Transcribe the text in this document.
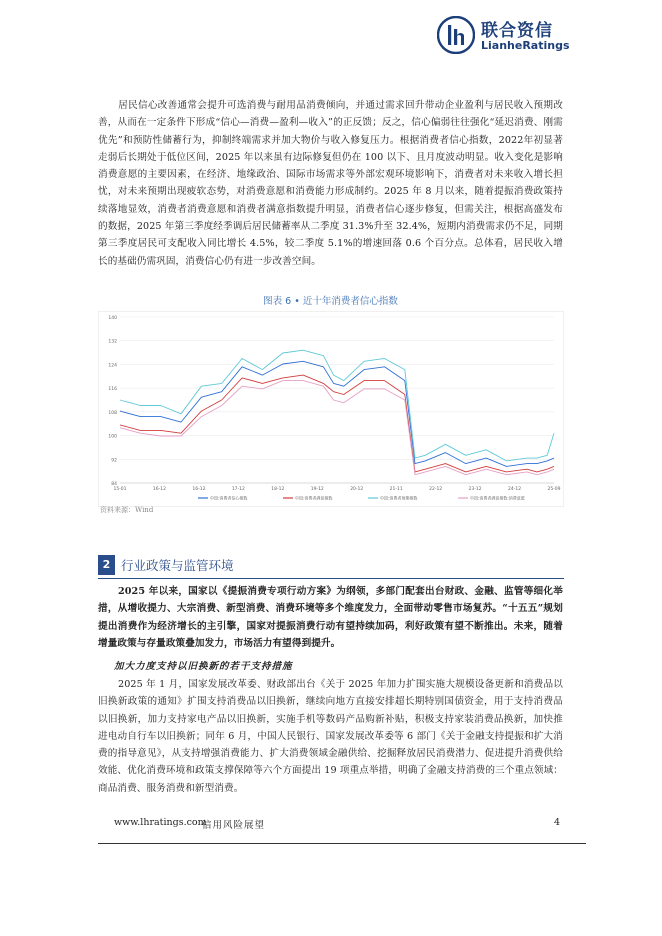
联合资信
LianheRatings

居民信心改善通常会提升可选消费与耐用品消费倾向，并通过需求回升带动企业盈利与居民收入预期改善，从而在一定条件下形成“信心—消费—盈利—收入”的正反馈；反之，信心偏弱往往强化“延迟消费、刚需优先”和预防性储蓄行为，抑制终端需求并加大物价与收入修复压力。根据消费者信心指数，2022年初显著走弱后长期处于低位区间，2025 年以来虽有边际修复但仍在 100 以下、且月度波动明显。收入变化是影响消费意愿的主要因素，在经济、地缘政治、国际市场需求等外部宏观环境影响下，消费者对未来收入增长担忧，对未来预期出现疲软态势，对消费意愿和消费能力形成制约。2025 年 8 月以来，随着提振消费政策持续落地显效，消费者消费意愿和消费者满意指数提升明显，消费者信心逐步修复，但需关注，根据高盛发布的数据，2025 年第三季度经季调后居民储蓄率从二季度 31.3%升至 32.4%，短期内消费需求仍不足，同期第三季度居民可支配收入同比增长 4.5%，较二季度 5.1%的增速回落 0.6 个百分点。总体看，居民收入增长的基础仍需巩固，消费信心仍有进一步改善空间。

图表 6 • 近十年消费者信心指数
140
132
124
116
108
100
92
84
15-01	16-12	16-12	17-12	18-12	19-12	20-12	21-11	22-12	23-12	24-12	25-09
中国:消费者信心指数	中国:消费者满意指数	中国:消费者预期指数	中国:消费者满意指数:消费意愿
资料来源：Wind
2 行业政策与监管环境

2025 年以来，国家以《提振消费专项行动方案》为纲领，多部门配套出台财政、金融、监管等细化举措，从增收提力、大宗消费、新型消费、消费环境等多个维度发力，全面带动零售市场复苏。“十五五”规划提出消费作为经济增长的主引擎，国家对提振消费行动有望持续加码，利好政策有望不断推出。未来，随着增量政策与存量政策叠加发力，市场活力有望得到提升。

加大力度支持以旧换新的若干支持措施

2025 年 1 月，国家发展改革委、财政部出台《关于 2025 年加力扩围实施大规模设备更新和消费品以旧换新政策的通知》扩围支持消费品以旧换新，继续向地方直接安排超长期特别国债资金，用于支持消费品以旧换新，加力支持家电产品以旧换新，实施手机等数码产品购新补贴，积极支持家装消费品换新，加快推进电动自行车以旧换新；同年 6 月，中国人民银行、国家发展改革委等 6 部门《关于金融支持提振和扩大消费的指导意见》，从支持增强消费能力、扩大消费领域金融供给、挖掘释放居民消费潜力、促进提升消费供给效能、优化消费环境和政策支撑保障等六个方面提出 19 项重点举措，明确了金融支持消费的三个重点领域：商品消费、服务消费和新型消费。

www.lhratings.com
信用风险展望	4
